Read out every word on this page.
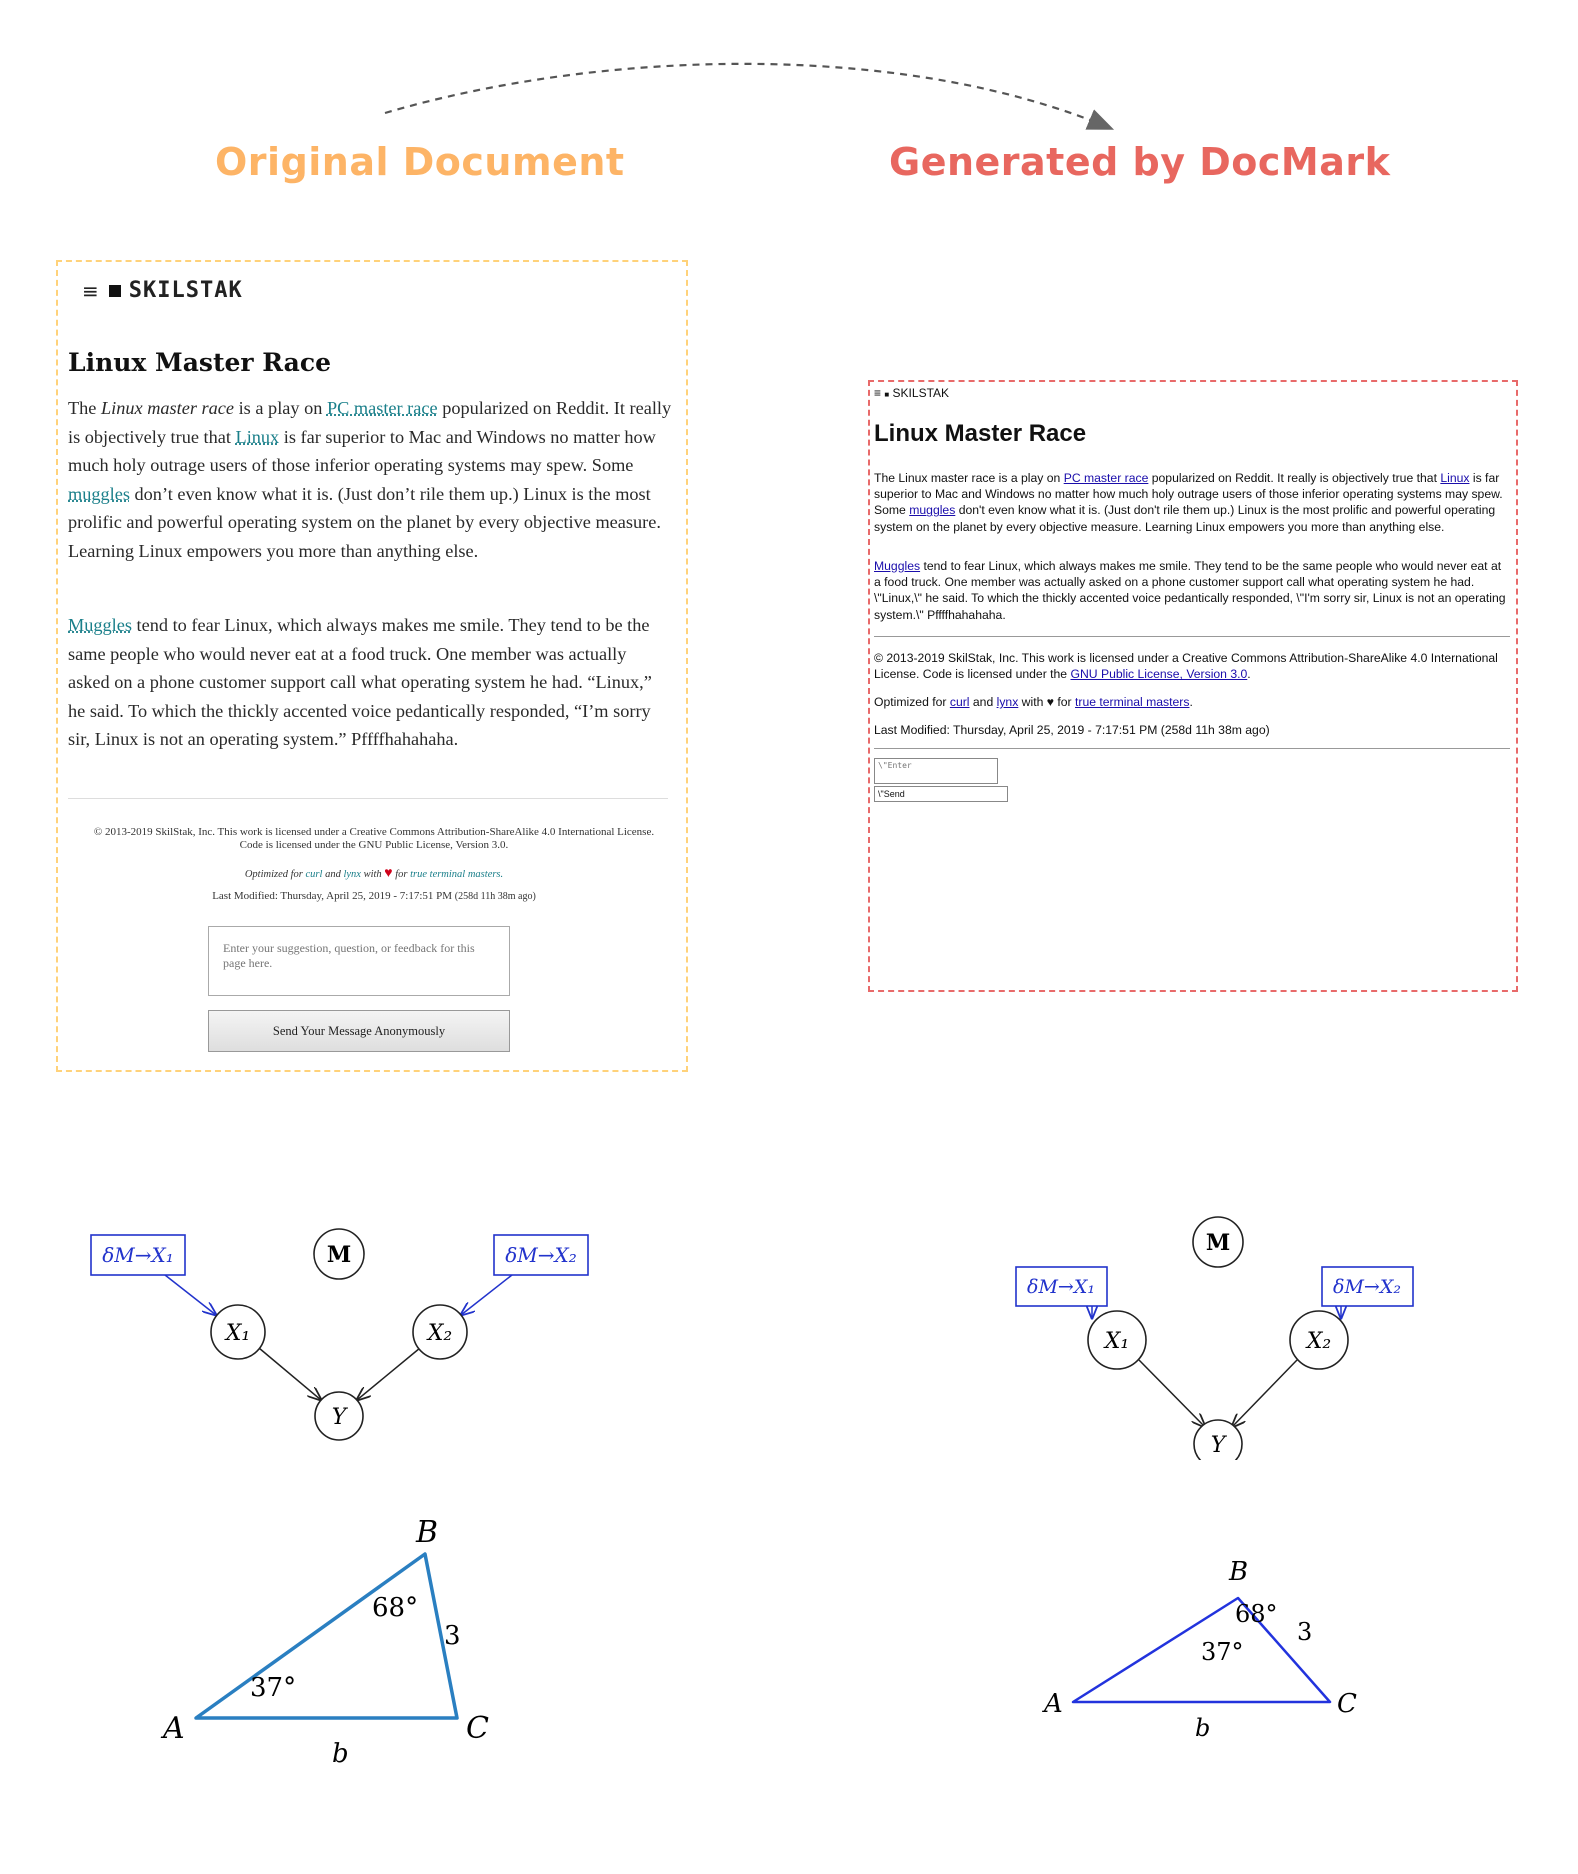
Original Document	Generated by DocMark
≡ SKILSTAK
Linux Master Race

The Linux master race is a play on PC master race popularized on Reddit. It really is objectively true that Linux is far superior to Mac and Windows no matter how much holy outrage users of those inferior operating systems may spew. Some muggles don’t even know what it is. (Just don’t rile them up.) Linux is the most prolific and powerful operating system on the planet by every objective measure. Learning Linux empowers you more than anything else.

Muggles tend to fear Linux, which always makes me smile. They tend to be the same people who would never eat at a food truck. One member was actually asked on a phone customer support call what operating system he had. “Linux,” he said. To which the thickly accented voice pedantically responded, “I’m sorry sir, Linux is not an operating system.” Pffffhahahaha.

© 2013-2019 SkilStak, Inc. This work is licensed under a Creative Commons Attribution-ShareAlike 4.0 International License. Code is licensed under the GNU Public License, Version 3.0.
Optimized for curl and lynx with ♥ for true terminal masters.
Last Modified: Thursday, April 25, 2019 - 7:17:51 PM (258d 11h 38m ago)
Enter your suggestion, question, or feedback for this page here.
Send Your Message Anonymously
≡ ■ SKILSTAK
Linux Master Race

The Linux master race is a play on PC master race popularized on Reddit. It really is objectively true that Linux is far superior to Mac and Windows no matter how much holy outrage users of those inferior operating systems may spew. Some muggles don't even know what it is. (Just don't rile them up.) Linux is the most prolific and powerful operating system on the planet by every objective measure. Learning Linux empowers you more than anything else.

Muggles tend to fear Linux, which always makes me smile. They tend to be the same people who would never eat at a food truck. One member was actually asked on a phone customer support call what operating system he had. \"Linux,\" he said. To which the thickly accented voice pedantically responded, \"I'm sorry sir, Linux is not an operating system.\" Pffffhahahaha.

© 2013-2019 SkilStak, Inc. This work is licensed under a Creative Commons Attribution-ShareAlike 4.0 International License. Code is licensed under the GNU Public License, Version 3.0.

Optimized for curl and lynx with ♥ for true terminal masters.

Last Modified: Thursday, April 25, 2019 - 7:17:51 PM (258d 11h 38m ago)

\"Enter
\"Send
δM→X₁	δM→X₂
M
X₁	X₂
Y
δM→X₁	δM→X₂
M
X₁	X₂
Y
B
A	C
68°
37°
3
b
B
A	C
68°
37°
3
b
